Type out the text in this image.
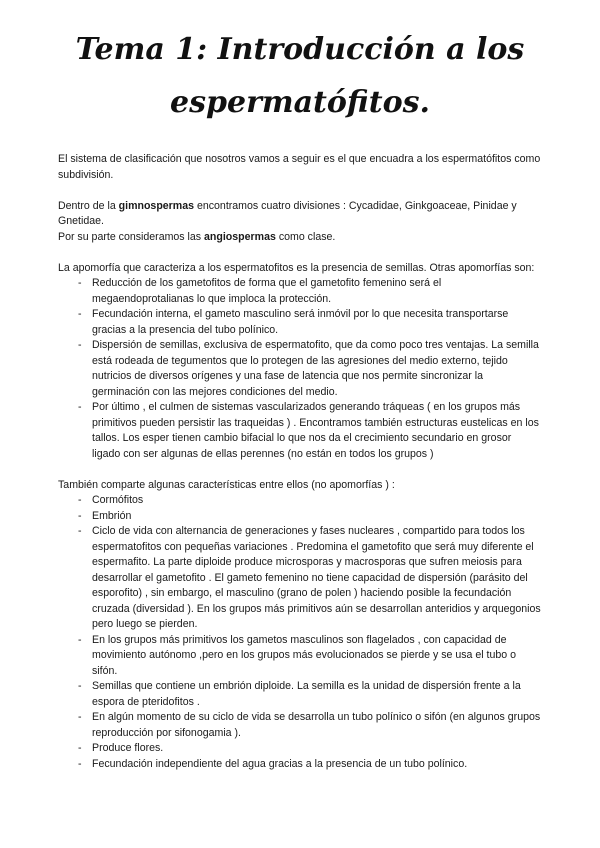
Tema 1: Introducción a los
espermatófitos.

El sistema de clasificación que nosotros vamos a seguir es el que encuadra a los espermatófitos como subdivisión.

Dentro de la gimnospermas encontramos cuatro divisiones : Cycadidae, Ginkgoaceae, Pinidae y Gnetidae.

Por su parte consideramos las angiospermas como clase.

La apomorfía que caracteriza a los espermatofitos es la presencia de semillas. Otras apomorfías son:

- Reducción de los gametofitos de forma que el gametofito femenino será el megaendoprotalianas lo que imploca la protección.
- Fecundación interna, el gameto masculino será inmóvil por lo que necesita transportarse gracias a la presencia del tubo polínico.
- Dispersión de semillas, exclusiva de espermatofito, que da como poco tres ventajas. La semilla está rodeada de tegumentos que lo protegen de las agresiones del medio externo, tejido nutricios de diversos orígenes y una fase de latencia que nos permite sincronizar la germinación con las mejores condiciones del medio.
- Por último , el culmen de sistemas vascularizados generando tráqueas ( en los grupos más primitivos pueden persistir las traqueidas ) . Encontramos también estructuras eustelicas en los tallos. Los esper tienen cambio bifacial lo que nos da el crecimiento secundario en grosor ligado con ser algunas de ellas perennes (no están en todos los grupos )

También comparte algunas características entre ellos (no apomorfías ) :

- Cormófitos
- Embrión
- Ciclo de vida con alternancia de generaciones y fases nucleares , compartido para todos los espermatofitos con pequeñas variaciones . Predomina el gametofito que será muy diferente el espermafito. La parte diploide produce microsporas y macrosporas que sufren meiosis para desarrollar el gametofito . El gameto femenino no tiene capacidad de dispersión (parásito del esporofito) , sin embargo, el masculino (grano de polen ) haciendo posible la fecundación cruzada (diversidad ). En los grupos más primitivos aún se desarrollan anteridios y arquegonios pero luego se pierden.
- En los grupos más primitivos los gametos masculinos son flagelados , con capacidad de movimiento autónomo ,pero en los grupos más evolucionados se pierde y se usa el tubo o sifón.
- Semillas que contiene un embrión diploide. La semilla es la unidad de dispersión frente a la espora de pteridofitos .
- En algún momento de su ciclo de vida se desarrolla un tubo polínico o sifón (en algunos grupos reproducción por sifonogamia ).
- Produce flores.
- Fecundación independiente del agua gracias a la presencia de un tubo polínico.
